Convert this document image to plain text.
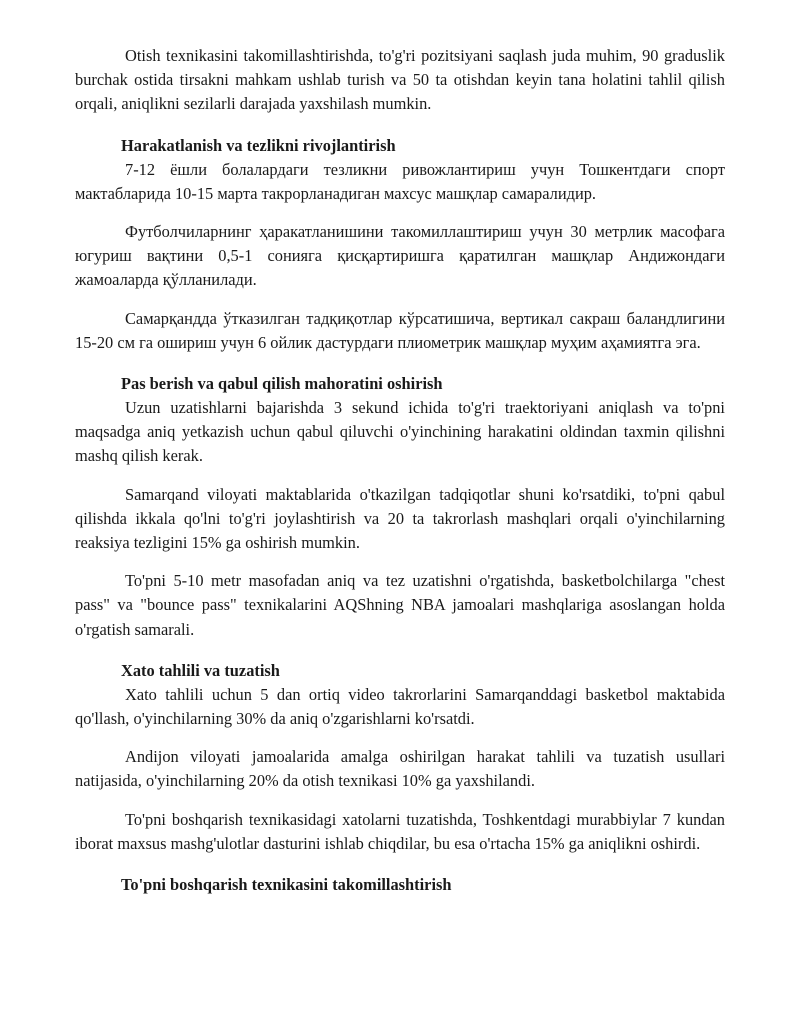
Otish texnikasini takomillashtirishda, to'g'ri pozitsiyani saqlash juda muhim, 90 graduslik burchak ostida tirsakni mahkam ushlab turish va 50 ta otishdan keyin tana holatini tahlil qilish orqali, aniqlikni sezilarli darajada yaxshilash mumkin.

Harakatlanish va tezlikni rivojlantirish

7-12 ёшли болалардаги тезликни ривожлантириш учун Тошкентдаги спорт мактабларида 10-15 марта такрорланадиган махсус машқлар самаралидир.

Футболчиларнинг ҳаракатланишини такомиллаштириш учун 30 метрлик масофага югуриш вақтини 0,5-1 сонияга қисқартиришга қаратилган машқлар Андижондаги жамоаларда қўлланилади.

Самарқандда ўтказилган тадқиқотлар кўрсатишича, вертикал сакраш баландлигини 15-20 см га ошириш учун 6 ойлик дастурдаги плиометрик машқлар муҳим аҳамиятга эга.

Pas berish va qabul qilish mahoratini oshirish

Uzun uzatishlarni bajarishda 3 sekund ichida to'g'ri traektoriyani aniqlash va to'pni maqsadga aniq yetkazish uchun qabul qiluvchi o'yinchining harakatini oldindan taxmin qilishni mashq qilish kerak.

Samarqand viloyati maktablarida o'tkazilgan tadqiqotlar shuni ko'rsatdiki, to'pni qabul qilishda ikkala qo'lni to'g'ri joylashtirish va 20 ta takrorlash mashqlari orqali o'yinchilarning reaksiya tezligini 15% ga oshirish mumkin.

To'pni 5-10 metr masofadan aniq va tez uzatishni o'rgatishda, basketbolchilarga "chest pass" va "bounce pass" texnikalarini AQShning NBA jamoalari mashqlariga asoslangan holda o'rgatish samarali.

Xato tahlili va tuzatish

Xato tahlili uchun 5 dan ortiq video takrorlarini Samarqanddagi basketbol maktabida qo'llash, o'yinchilarning 30% da aniq o'zgarishlarni ko'rsatdi.

Andijon viloyati jamoalarida amalga oshirilgan harakat tahlili va tuzatish usullari natijasida, o'yinchilarning 20% da otish texnikasi 10% ga yaxshilandi.

To'pni boshqarish texnikasidagi xatolarni tuzatishda, Toshkentdagi murabbiylar 7 kundan iborat maxsus mashg'ulotlar dasturini ishlab chiqdilar, bu esa o'rtacha 15% ga aniqlikni oshirdi.

To'pni boshqarish texnikasini takomillashtirish
